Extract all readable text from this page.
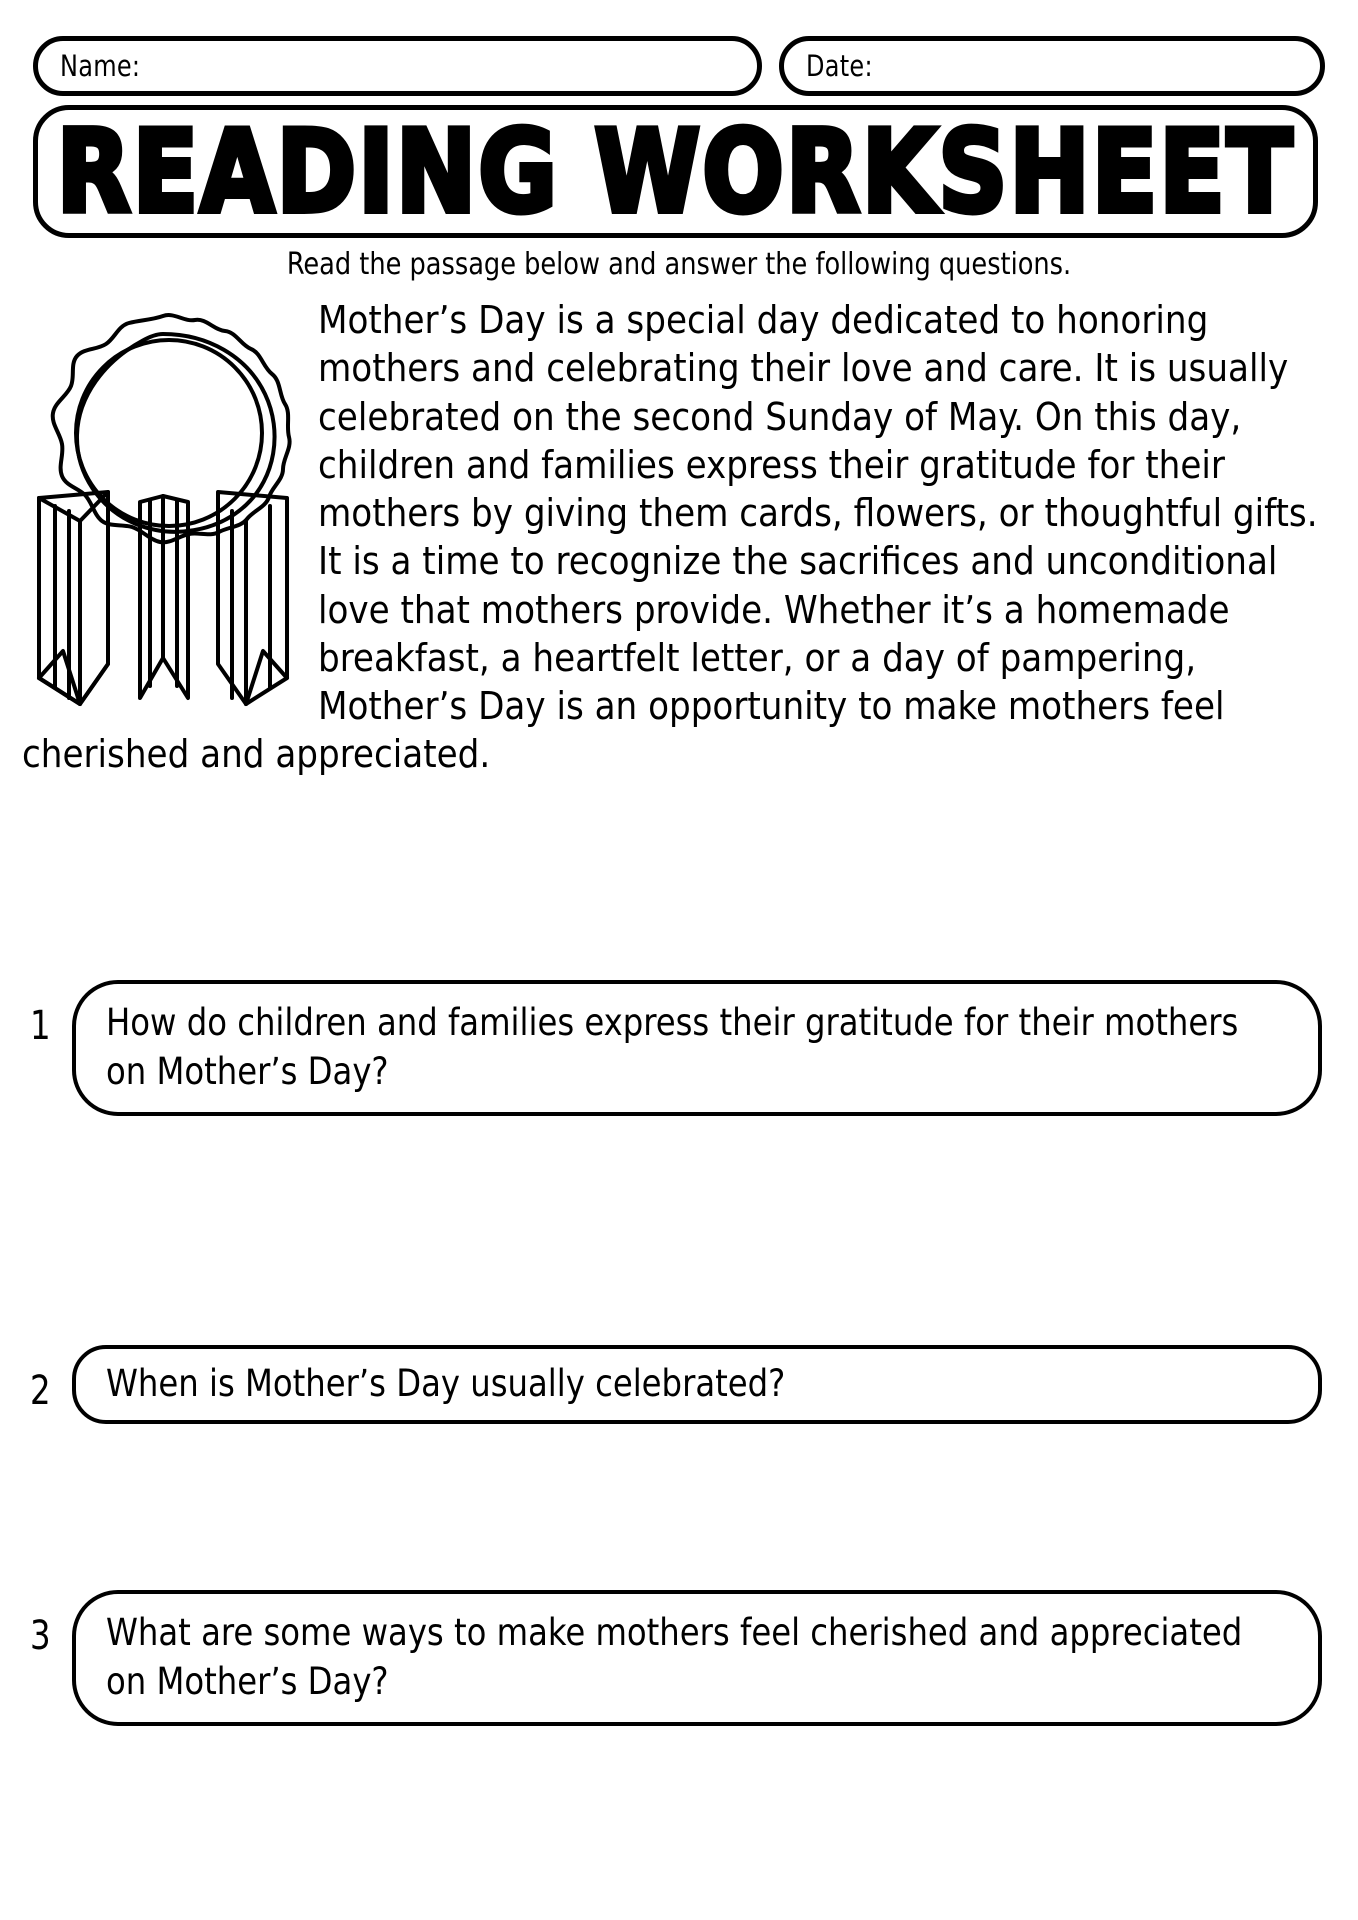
Name:	Date:
READING WORKSHEET
Read the passage below and answer the following questions.
Mother’s Day is a special day dedicated to honoring mothers and celebrating their love and care. It is usually celebrated on the second Sunday of May. On this day, children and families express their gratitude for their mothers by giving them cards, flowers, or thoughtful gifts. It is a time to recognize the sacrifices and unconditional love that mothers provide. Whether it’s a homemade breakfast, a heartfelt letter, or a day of pampering, Mother’s Day is an opportunity to make mothers feel cherished and appreciated.
1	How do children and families express their gratitude for their mothers on Mother’s Day?
2	When is Mother’s Day usually celebrated?
3	What are some ways to make mothers feel cherished and appreciated on Mother’s Day?
